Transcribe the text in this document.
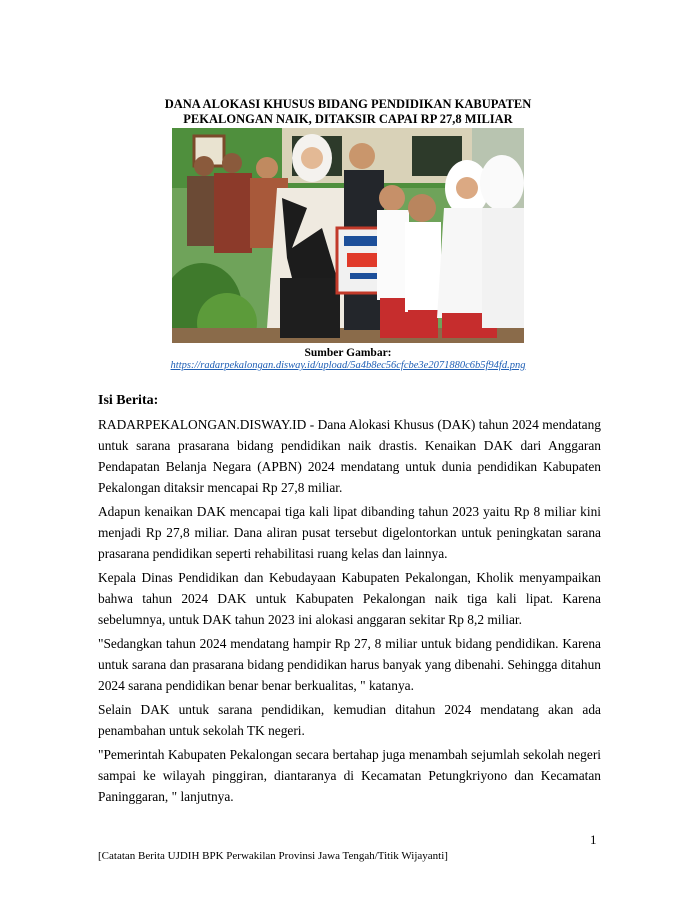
DANA ALOKASI KHUSUS BIDANG PENDIDIKAN KABUPATEN
PEKALONGAN NAIK, DITAKSIR CAPAI RP 27,8 MILIAR
Sumber Gambar:
https://radarpekalongan.disway.id/upload/5a4b8ec56cfcbe3e2071880c6b5f94fd.png
Isi Berita:

RADARPEKALONGAN.DISWAY.ID - Dana Alokasi Khusus (DAK) tahun 2024 mendatang untuk sarana prasarana bidang pendidikan naik drastis. Kenaikan DAK dari Anggaran Pendapatan Belanja Negara (APBN) 2024 mendatang untuk dunia pendidikan Kabupaten Pekalongan ditaksir mencapai Rp 27,8 miliar.

Adapun kenaikan DAK mencapai tiga kali lipat dibanding tahun 2023 yaitu Rp 8 miliar kini menjadi Rp 27,8 miliar. Dana aliran pusat tersebut digelontorkan untuk peningkatan sarana prasarana pendidikan seperti rehabilitasi ruang kelas dan lainnya.

Kepala Dinas Pendidikan dan Kebudayaan Kabupaten Pekalongan, Kholik menyampaikan bahwa tahun 2024 DAK untuk Kabupaten Pekalongan naik tiga kali lipat. Karena sebelumnya, untuk DAK tahun 2023 ini alokasi anggaran sekitar Rp 8,2 miliar.

"Sedangkan tahun 2024 mendatang hampir Rp 27, 8 miliar untuk bidang pendidikan. Karena untuk sarana dan prasarana bidang pendidikan harus banyak yang dibenahi. Sehingga ditahun 2024 sarana pendidikan benar benar berkualitas, " katanya.

Selain DAK untuk sarana pendidikan, kemudian ditahun 2024 mendatang akan ada penambahan untuk sekolah TK negeri.

"Pemerintah Kabupaten Pekalongan secara bertahap juga menambah sejumlah sekolah negeri sampai ke wilayah pinggiran, diantaranya di Kecamatan Petungkriyono dan Kecamatan Paninggaran, " lanjutnya.

1
[Catatan Berita UJDIH BPK Perwakilan Provinsi Jawa Tengah/Titik Wijayanti]
